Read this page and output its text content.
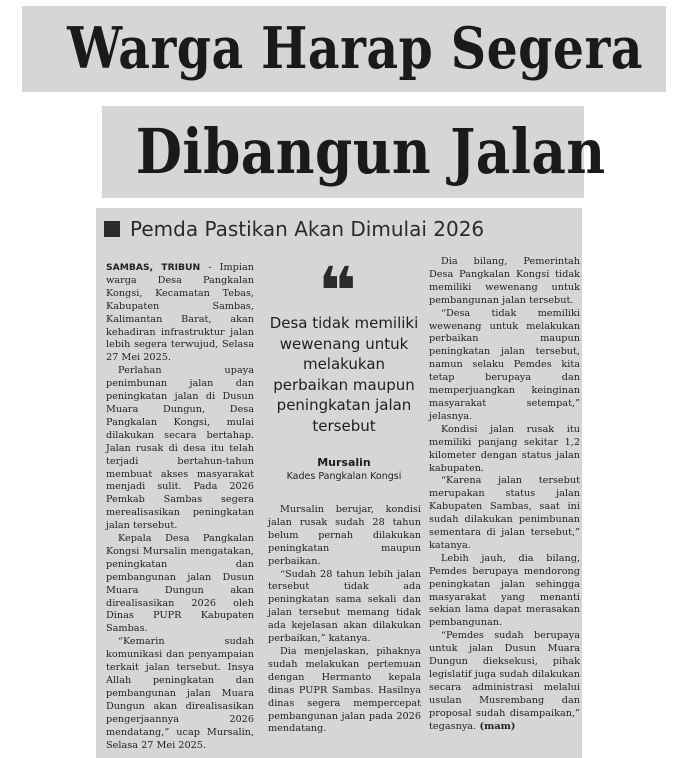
Warga Harap Segera
Dibangun Jalan
Pemda Pastikan Akan Dimulai 2026

SAMBAS, TRIBUN - Impian warga Desa Pangkalan Kongsi, Kecamatan Tebas, Kabupaten Sambas, Kalimantan Barat, akan kehadiran infrastruktur jalan lebih segera terwujud, Selasa 27 Mei 2025.

Perlahan upaya penimbunan jalan dan peningkatan jalan di Dusun Muara Dungun, Desa Pangkalan Kongsi, mulai dilakukan secara bertahap. Jalan rusak di desa itu telah terjadi bertahun-tahun membuat akses masyarakat menjadi sulit. Pada 2026 Pemkab Sambas segera merealisasikan peningkatan jalan tersebut.

Kepala Desa Pangkalan Kongsi Mursalin mengatakan, peningkatan dan pembangunan jalan Dusun Muara Dungun akan direalisasikan 2026 oleh Dinas PUPR Kabupaten Sambas.

“Kemarin sudah komunikasi dan penyampaian terkait jalan tersebut. Insya Allah peningkatan dan pembangunan jalan Muara Dungun akan direalisasikan pengerjaannya 2026 mendatang,” ucap Mursalin, Selasa 27 Mei 2025.

❝
Desa tidak memiliki wewenang untuk melakukan perbaikan maupun peningkatan jalan tersebut
Mursalin
Kades Pangkalan Kongsi

Mursalin berujar, kondisi jalan rusak sudah 28 tahun belum pernah dilakukan peningkatan maupun perbaikan.

“Sudah 28 tahun lebih jalan tersebut tidak ada peningkatan sama sekali dan jalan tersebut memang tidak ada kejelasan akan dilakukan perbaikan,” katanya.

Dia menjelaskan, pihaknya sudah melakukan pertemuan dengan Hermanto kepala dinas PUPR Sambas. Hasilnya dinas segera mempercepat pembangunan jalan pada 2026 mendatang.

Dia bilang, Pemerintah Desa Pangkalan Kongsi tidak memiliki wewenang untuk pembangunan jalan tersebut.

“Desa tidak memiliki wewenang untuk melakukan perbaikan maupun peningkatan jalan tersebut, namun selaku Pemdes kita tetap berupaya dan memperjuangkan keinginan masyarakat setempat,” jelasnya.

Kondisi jalan rusak itu memiliki panjang sekitar 1,2 kilometer dengan status jalan kabupaten.

“Karena jalan tersebut merupakan status jalan Kabupaten Sambas, saat ini sudah dilakukan penimbunan sementara di jalan tersebut,” katanya.

Lebih jauh, dia bilang, Pemdes berupaya mendorong peningkatan jalan sehingga masyarakat yang menanti sekian lama dapat merasakan pembangunan.

“Pemdes sudah berupaya untuk jalan Dusun Muara Dungun dieksekusi, pihak legislatif juga sudah dilakukan secara administrasi melalui usulan Musrembang dan proposal sudah disampaikan,” tegasnya. (mam)
